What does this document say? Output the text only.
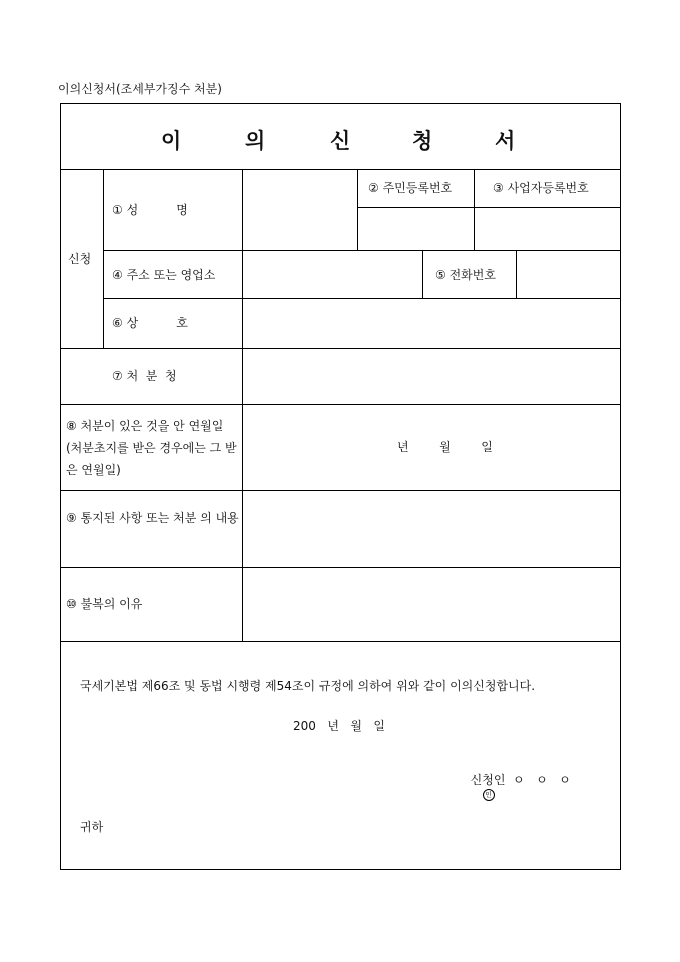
이의신청서(조세부가징수 처분)
이	의	신	청	서
신청
① 성          명
② 주민등록번호	③ 사업자등록번호
④ 주소 또는 영업소	⑤ 전화번호
⑥ 상          호
⑦ 처  분  청
⑧ 처분이 있은 것을 안 연월일 (처분초지를 받은 경우에는 그 받은 연월일)
년        월        일
⑨ 통지된 사항 또는 처분 의 내용
⑩ 불복의 이유
국세기본법 제66조 및 동법 시행령 제54조이 규정에 의하여 위와 같이 이의신청합니다.
200   년   월   일

신청인  ㅇ   ㅇ   ㅇ
인

귀하
